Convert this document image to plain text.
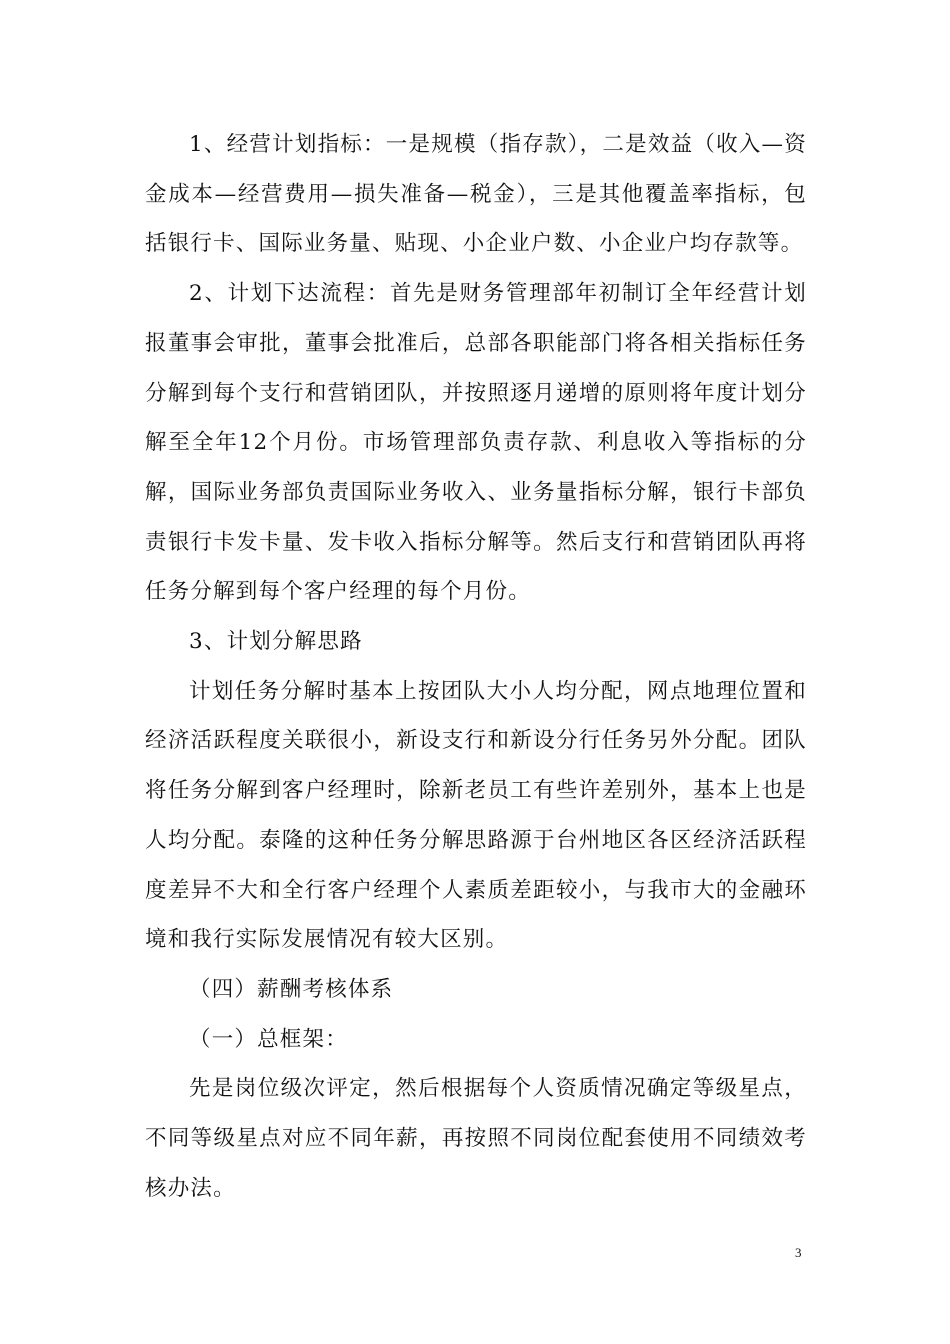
1、经营计划指标：一是规模（指存款），二是效益（收入—资金成本—经营费用—损失准备—税金），三是其他覆盖率指标，包括银行卡、国际业务量、贴现、小企业户数、小企业户均存款等。

2、计划下达流程：首先是财务管理部年初制订全年经营计划报董事会审批，董事会批准后，总部各职能部门将各相关指标任务分解到每个支行和营销团队，并按照逐月递增的原则将年度计划分解至全年12个月份。市场管理部负责存款、利息收入等指标的分解，国际业务部负责国际业务收入、业务量指标分解，银行卡部负责银行卡发卡量、发卡收入指标分解等。然后支行和营销团队再将任务分解到每个客户经理的每个月份。

3、计划分解思路

计划任务分解时基本上按团队大小人均分配，网点地理位置和经济活跃程度关联很小，新设支行和新设分行任务另外分配。团队将任务分解到客户经理时，除新老员工有些许差别外，基本上也是人均分配。泰隆的这种任务分解思路源于台州地区各区经济活跃程度差异不大和全行客户经理个人素质差距较小，与我市大的金融环境和我行实际发展情况有较大区别。

（四）薪酬考核体系

（一）总框架：

先是岗位级次评定，然后根据每个人资质情况确定等级星点，不同等级星点对应不同年薪，再按照不同岗位配套使用不同绩效考核办法。

3
